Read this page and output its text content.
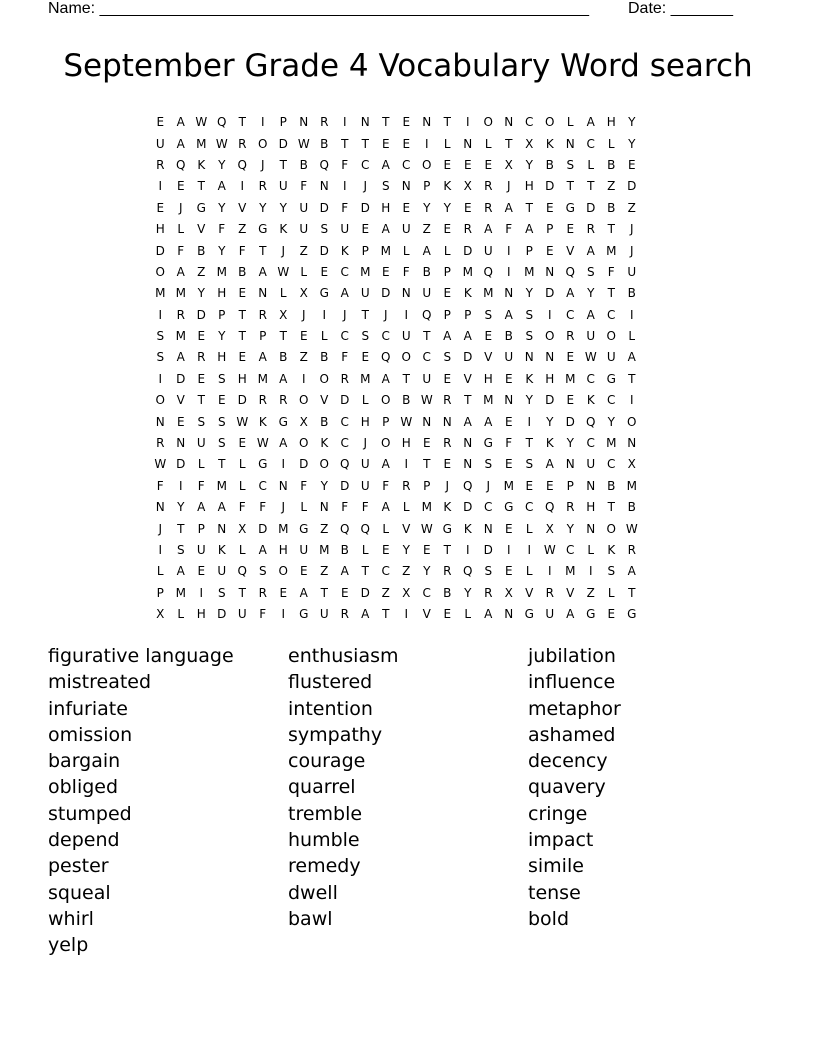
Name: _______________________________________________________ Date: _______
September Grade 4 Vocabulary Word search
E	A W Q	T	I	P	N R	I	N	T	E	N	T	I	O N C O	L	A H	Y
U	A M W R O D W B	T	T	E	E	I	L	N	L	T	X	K	N C	L	Y
R Q K	Y	Q	J	T	B Q	F	C	A	C O E	E	E	X	Y	B	S	L	B	E
I	E	T	A	I	R U	F	N	I	J	S	N	P	K	X	R	J	H D	T	T	Z D
E	J	G	Y	V	Y	Y	U D	F	D H	E	Y	Y	E	R	A	T	E	G D B	Z
H	L	V	F	Z G K	U	S	U	E	A U Z	E	R	A	F	A	P	E	R	T	J
D	F	B	Y	F	T	J	Z D K	P M L	A	L	D U	I	P	E	V	A M	J
O A	Z M B	A W L	E	C M E	F	B	P M Q	I	M N Q S	F	U
M M Y	H	E	N	L	X G A U D N U	E	K M N	Y	D A	Y	T	B
I	R D	P	T	R	X	J	I	J	T	J	I	Q	P	P	S	A	S	I	C	A	C	I
S M E	Y	T	P	T	E	L	C	S	C U	T	A	A	E	B	S O R U O	L
S	A	R H	E	A	B	Z	B	F	E Q O C	S	D V U N N	E W U	A
I	D	E	S	H M A	I	O R M A	T	U	E	V H	E	K	H M C G	T
O V	T	E	D R	R O V D	L	O B W R	T M N	Y	D	E	K	C	I
N	E	S	S W K G X	B	C H	P W N N A	A	E	I	Y	D Q	Y	O
R N U	S	E W A O K	C	J	O H	E	R N G	F	T	K	Y	C M N
W D	L	T	L	G	I	D O Q U	A	I	T	E	N	S	E	S	A N U C	X
F	I	F M L	C N	F	Y	D U	F	R	P	J	Q	J	M E	E	P	N B M
N	Y	A	A	F	F	J	L	N	F	F	A	L M K D C G C Q R H	T	B
J	T	P	N X D M G Z Q Q	L	V W G K	N	E	L	X	Y	N O W
I	S	U	K	L	A H U M B	L	E	Y	E	T	I	D	I	I	W C	L	K	R
L	A	E	U Q S O E	Z	A	T	C	Z	Y	R Q S	E	L	I	M	I	S	A
P M	I	S	T	R	E	A	T	E	D Z	X	C	B	Y	R	X	V	R	V	Z	L	T
X	L	H D U	F	I	G U R	A	T	I	V	E	L	A N G U	A G	E	G
figurative language
mistreated
infuriate
omission
bargain
obliged
stumped
depend
pester
squeal
whirl
yelp
enthusiasm
flustered
intention
sympathy
courage
quarrel
tremble
humble
remedy
dwell
bawl
jubilation
influence
metaphor
ashamed
decency
quavery
cringe
impact
simile
tense
bold
